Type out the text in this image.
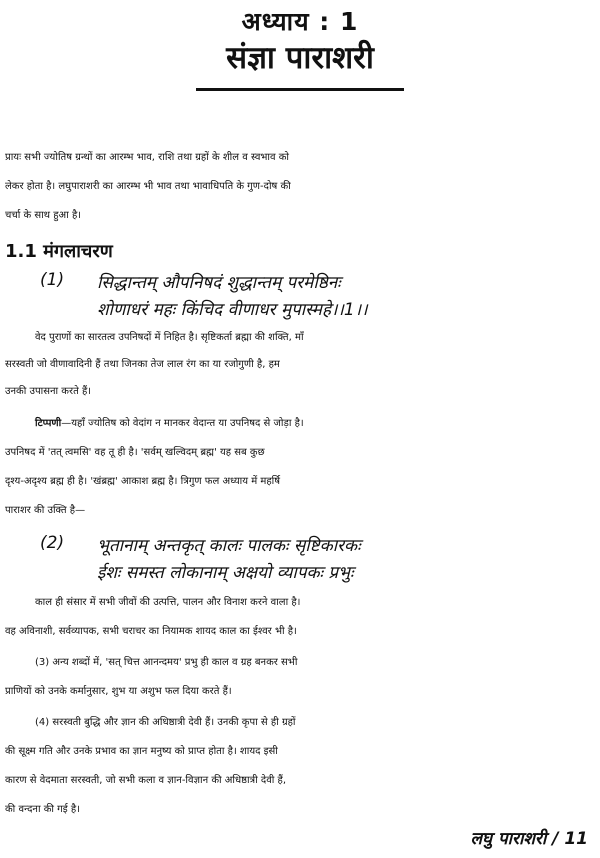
अध्याय : 1
संज्ञा पाराशरी
प्रायः सभी ज्योतिष ग्रन्थों का आरम्भ भाव, राशि तथा ग्रहों के शील व स्वभाव को
लेकर होता है। लघुपाराशरी का आरम्भ भी भाव तथा भावाधिपति के गुण-दोष की
चर्चा के साथ हुआ है।
1.1 मंगलाचरण
(1) सिद्धान्तम् औपनिषदं शुद्धान्तम् परमेष्ठिनः
शोणाधरं महः किंचिद वीणाधर मुपास्महे।।1।।
वेद पुराणों का सारतत्व उपनिषदों में निहित है। सृष्टिकर्ता ब्रह्मा की शक्ति, माँ
सरस्वती जो वीणावादिनी हैं तथा जिनका तेज लाल रंग का या रजोगुणी है, हम
उनकी उपासना करते हैं।
टिप्पणी—यहाँ ज्योतिष को वेदांग न मानकर वेदान्त या उपनिषद से जोड़ा है।
उपनिषद में 'तत् त्वमसि' वह तू ही है। 'सर्वम् खल्विदम् ब्रह्म' यह सब कुछ
दृश्य-अदृश्य ब्रह्म ही है। 'खंब्रह्म' आकाश ब्रह्म है। त्रिगुण फल अध्याय में महर्षि
पाराशर की उक्ति है—
(2) भूतानाम् अन्तकृत् कालः पालकः सृष्टिकारकः
ईशः समस्त लोकानाम् अक्षयो व्यापकः प्रभुः
काल ही संसार में सभी जीवों की उत्पत्ति, पालन और विनाश करने वाला है।
वह अविनाशी, सर्वव्यापक, सभी चराचर का नियामक शायद काल का ईश्वर भी है।
(3) अन्य शब्दों में, 'सत् चित्त आनन्दमय' प्रभु ही काल व ग्रह बनकर सभी
प्राणियों को उनके कर्मानुसार, शुभ या अशुभ फल दिया करते हैं।
(4) सरस्वती बुद्धि और ज्ञान की अधिष्ठात्री देवी हैं। उनकी कृपा से ही ग्रहों
की सूक्ष्म गति और उनके प्रभाव का ज्ञान मनुष्य को प्राप्त होता है। शायद इसी
कारण से वेदमाता सरस्वती, जो सभी कला व ज्ञान-विज्ञान की अधिष्ठात्री देवी हैं,
की वन्दना की गई है।
लघु पाराशरी / 11
